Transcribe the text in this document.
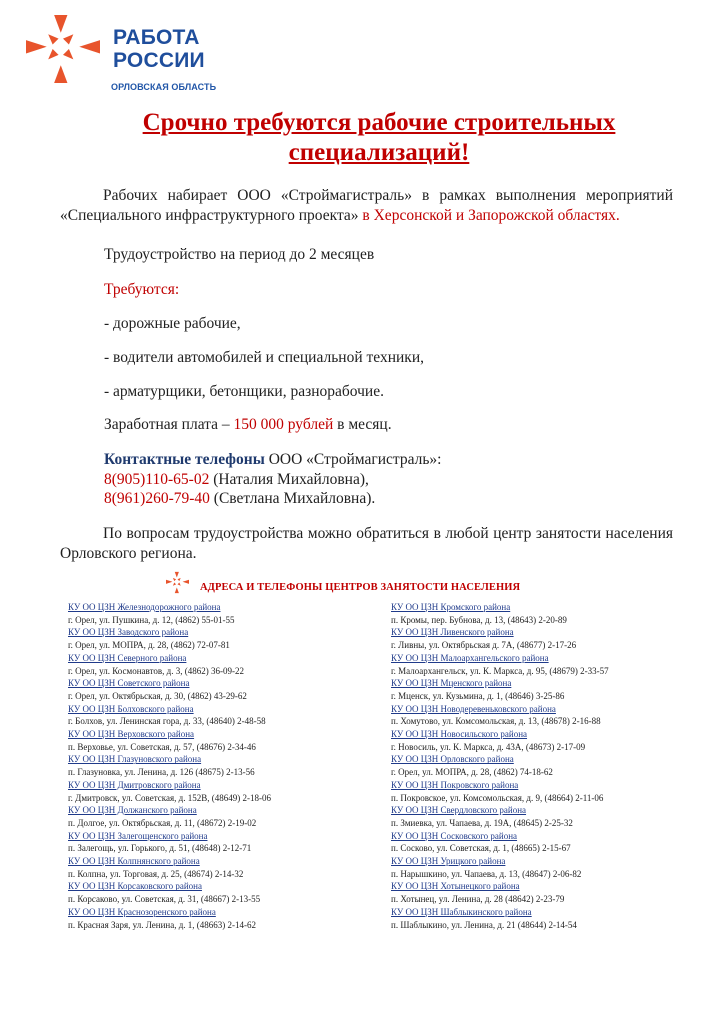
РАБОТА
РОССИИ
ОРЛОВСКАЯ ОБЛАСТЬ
Срочно требуются рабочие строительных
специализаций!
Рабочих набирает ООО «Строймагистраль» в рамках выполнения мероприятий «Специального инфраструктурного проекта» в Херсонской и Запорожской областях.
Трудоустройство на период до 2 месяцев
Требуются:
- дорожные рабочие,
- водители автомобилей и специальной техники,
- арматурщики, бетонщики, разнорабочие.
Заработная плата – 150 000 рублей в месяц.
Контактные телефоны ООО «Строймагистраль»:
8(905)110-65-02 (Наталия Михайловна),
8(961)260-79-40 (Светлана Михайловна).
По вопросам трудоустройства можно обратиться в любой центр занятости населения Орловского региона.
АДРЕСА И ТЕЛЕФОНЫ ЦЕНТРОВ ЗАНЯТОСТИ НАСЕЛЕНИЯ
КУ ОО ЦЗН Железнодорожного района
г. Орел, ул. Пушкина, д. 12, (4862) 55-01-55
КУ ОО ЦЗН Заводского района
г. Орел, ул. МОПРА, д. 28, (4862) 72-07-81
КУ ОО ЦЗН Северного района
г. Орел, ул. Космонавтов, д. 3, (4862) 36-09-22
КУ ОО ЦЗН Советского района
г. Орел, ул. Октябрьская, д. 30, (4862) 43-29-62
КУ ОО ЦЗН Болховского района
г. Болхов, ул. Ленинская гора, д. 33, (48640) 2-48-58
КУ ОО ЦЗН Верховского района
п. Верховье, ул. Советская, д. 57, (48676) 2-34-46
КУ ОО ЦЗН Глазуновского района
п. Глазуновка, ул. Ленина, д. 126 (48675) 2-13-56
КУ ОО ЦЗН Дмитровского района
г. Дмитровск, ул. Советская, д. 152В, (48649) 2-18-06
КУ ОО ЦЗН Должанского района
п. Долгое, ул. Октябрьская, д. 11, (48672) 2-19-02
КУ ОО ЦЗН Залегощенского района
п. Залегощь, ул. Горького, д. 51, (48648) 2-12-71
КУ ОО ЦЗН Колпнянского района
п. Колпна, ул. Торговая, д. 25, (48674) 2-14-32
КУ ОО ЦЗН Корсаковского района
п. Корсаково, ул. Советская, д. 31, (48667) 2-13-55
КУ ОО ЦЗН Краснозоренского района
п. Красная Заря, ул. Ленина, д. 1, (48663) 2-14-62
КУ ОО ЦЗН Кромского района
п. Кромы, пер. Бубнова, д. 13, (48643) 2-20-89
КУ ОО ЦЗН Ливенского района
г. Ливны, ул. Октябрьская д. 7А, (48677) 2-17-26
КУ ОО ЦЗН Малоархангельского района
г. Малоархангельск, ул. К. Маркса, д. 95, (48679) 2-33-57
КУ ОО ЦЗН Мценского района
г. Мценск, ул. Кузьмина, д. 1, (48646) 3-25-86
КУ ОО ЦЗН Новодеревеньковского района
п. Хомутово, ул. Комсомольская, д. 13, (48678) 2-16-88
КУ ОО ЦЗН Новосильского района
г. Новосиль, ул. К. Маркса, д. 43А, (48673) 2-17-09
КУ ОО ЦЗН Орловского района
г. Орел, ул. МОПРА, д. 28, (4862) 74-18-62
КУ ОО ЦЗН Покровского района
п. Покровское, ул. Комсомольская, д. 9, (48664) 2-11-06
КУ ОО ЦЗН Свердловского района
п. Змиевка, ул. Чапаева, д. 19А, (48645) 2-25-32
КУ ОО ЦЗН Сосковского района
п. Сосково, ул. Советская, д. 1, (48665) 2-15-67
КУ ОО ЦЗН Урицкого района
п. Нарышкино, ул. Чапаева, д. 13, (48647) 2-06-82
КУ ОО ЦЗН Хотынецкого района
п. Хотынец, ул. Ленина, д. 28 (48642) 2-23-79
КУ ОО ЦЗН Шаблыкинского района
п. Шаблыкино, ул. Ленина, д. 21 (48644) 2-14-54
